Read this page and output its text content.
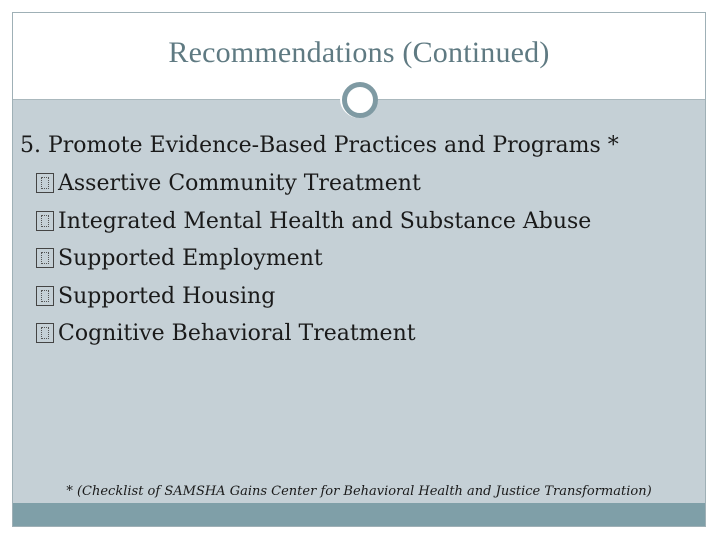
Recommendations (Continued)
5. Promote Evidence-Based Practices and Programs *
Assertive Community Treatment
Integrated Mental Health and Substance Abuse
Supported Employment
Supported Housing
Cognitive Behavioral Treatment
* (Checklist of SAMSHA Gains Center for Behavioral Health and Justice Transformation)
